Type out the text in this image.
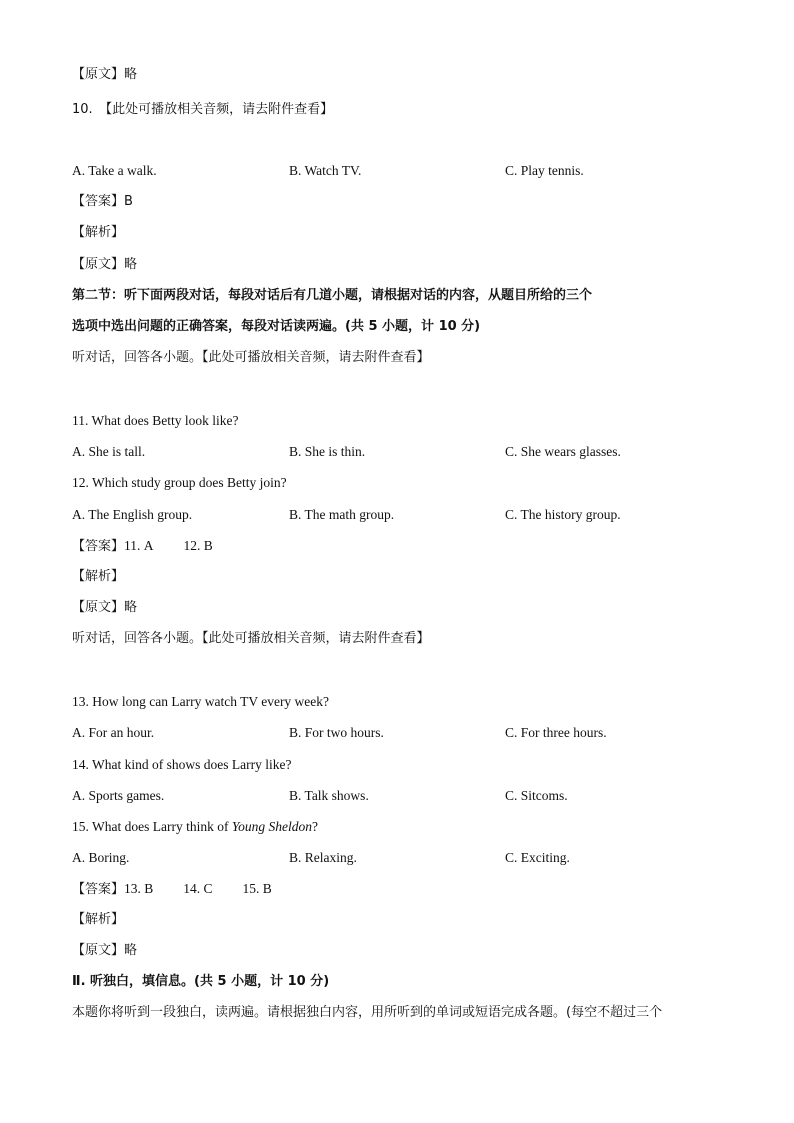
【原文】略
10.　【此处可播放相关音频，请去附件查看】
A. Take a walk.	B. Watch TV.	C. Play tennis.
【答案】B
【解析】
【原文】略
第二节：听下面两段对话，每段对话后有几道小题，请根据对话的内容，从题目所给的三个
选项中选出问题的正确答案，每段对话读两遍。(共 5 小题，计 10 分)
听对话，回答各小题。【此处可播放相关音频，请去附件查看】
11. What does Betty look like?
A. She is tall.	B. She is thin.	C. She wears glasses.
12. Which study group does Betty join?
A. The English group.	B. The math group.	C. The history group.
【答案】11. A 12. B
【解析】
【原文】略
听对话，回答各小题。【此处可播放相关音频，请去附件查看】
13. How long can Larry watch TV every week?
A. For an hour.	B. For two hours.	C. For three hours.
14. What kind of shows does Larry like?
A. Sports games.	B. Talk shows.	C. Sitcoms.
15. What does Larry think of Young Sheldon?
A. Boring.	B. Relaxing.	C. Exciting.
【答案】13. B 14. C 15. B
【解析】
【原文】略
Ⅱ. 听独白，填信息。(共 5 小题，计 10 分)
本题你将听到一段独白，读两遍。请根据独白内容，用所听到的单词或短语完成各题。(每空不超过三个
